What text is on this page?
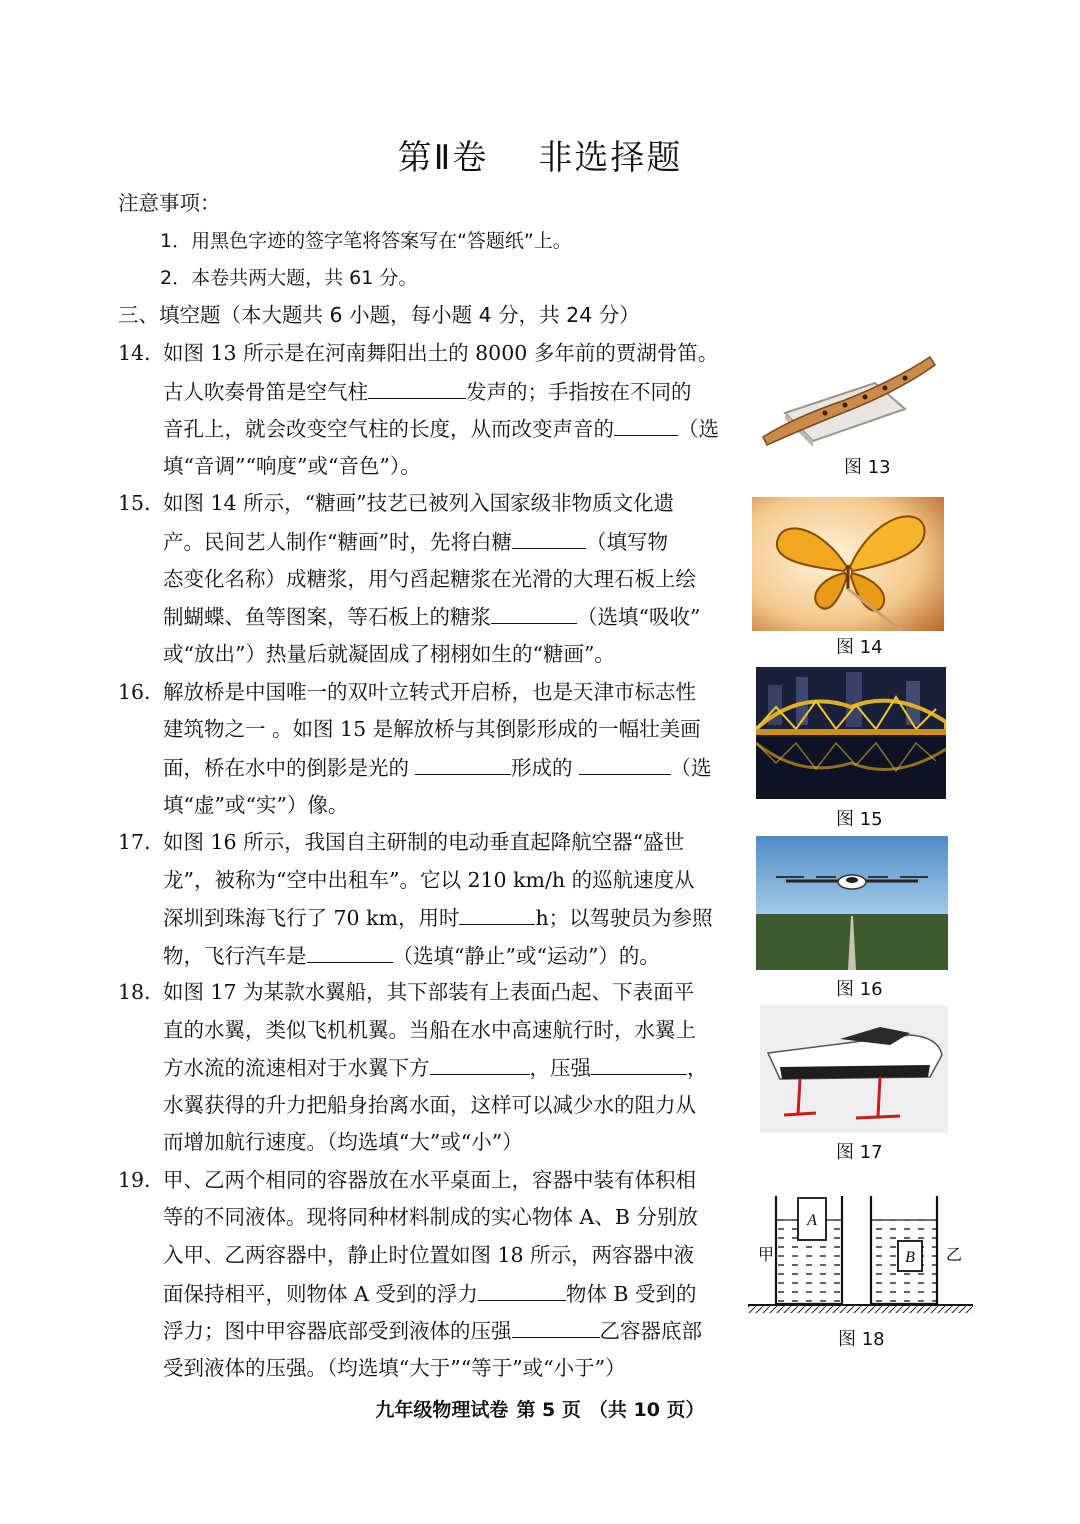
第Ⅱ卷 非选择题
注意事项：
1．用黑色字迹的签字笔将答案写在“答题纸”上。
2．本卷共两大题，共 61 分。
三、填空题（本大题共 6 小题，每小题 4 分，共 24 分）
14．
如图 13 所示是在河南舞阳出土的 8000 多年前的贾湖骨笛。
古人吹奏骨笛是空气柱	发声的；手指按在不同的
音孔上，就会改变空气柱的长度，从而改变声音的	（选
填“音调”“响度”或“音色”）。	图 13
15．
如图 14 所示，“糖画”技艺已被列入国家级非物质文化遗
产。民间艺人制作“糖画”时，先将白糖	（填写物
态变化名称）成糖浆，用勺舀起糖浆在光滑的大理石板上绘
制蝴蝶、鱼等图案，等石板上的糖浆	（选填“吸收”
或“放出”）热量后就凝固成了栩栩如生的“糖画”。	图 14
16．
解放桥是中国唯一的双叶立转式开启桥，也是天津市标志性
建筑物之一 。如图 15 是解放桥与其倒影形成的一幅壮美画
面，桥在水中的倒影是光的	形成的	（选
填“虚”或“实”）像。
图 15
17．
如图 16 所示，我国自主研制的电动垂直起降航空器“盛世
龙”，被称为“空中出租车”。它以 210 km/h 的巡航速度从
深圳到珠海飞行了 70 km，用时	h；以驾驶员为参照
物，飞行汽车是	（选填“静止”或“运动”）的。
图 16
18．
如图 17 为某款水翼船，其下部装有上表面凸起、下表面平
直的水翼，类似飞机机翼。当船在水中高速航行时，水翼上
方水流的流速相对于水翼下方	，压强	，
水翼获得的升力把船身抬离水面，这样可以减少水的阻力从
而增加航行速度。（均选填“大”或“小”）	图 17
19．
甲、乙两个相同的容器放在水平桌面上，容器中装有体积相
等的不同液体。现将同种材料制成的实心物体 A、B 分别放
入甲、乙两容器中，静止时位置如图 18 所示，两容器中液
面保持相平，则物体 A 受到的浮力	物体 B 受到的
浮力；图中甲容器底部受到液体的压强	乙容器底部
受到液体的压强。（均选填“大于”“等于”或“小于”）
A
B
甲	乙
图 18
九年级物理试卷 第 5 页 （共 10 页）
